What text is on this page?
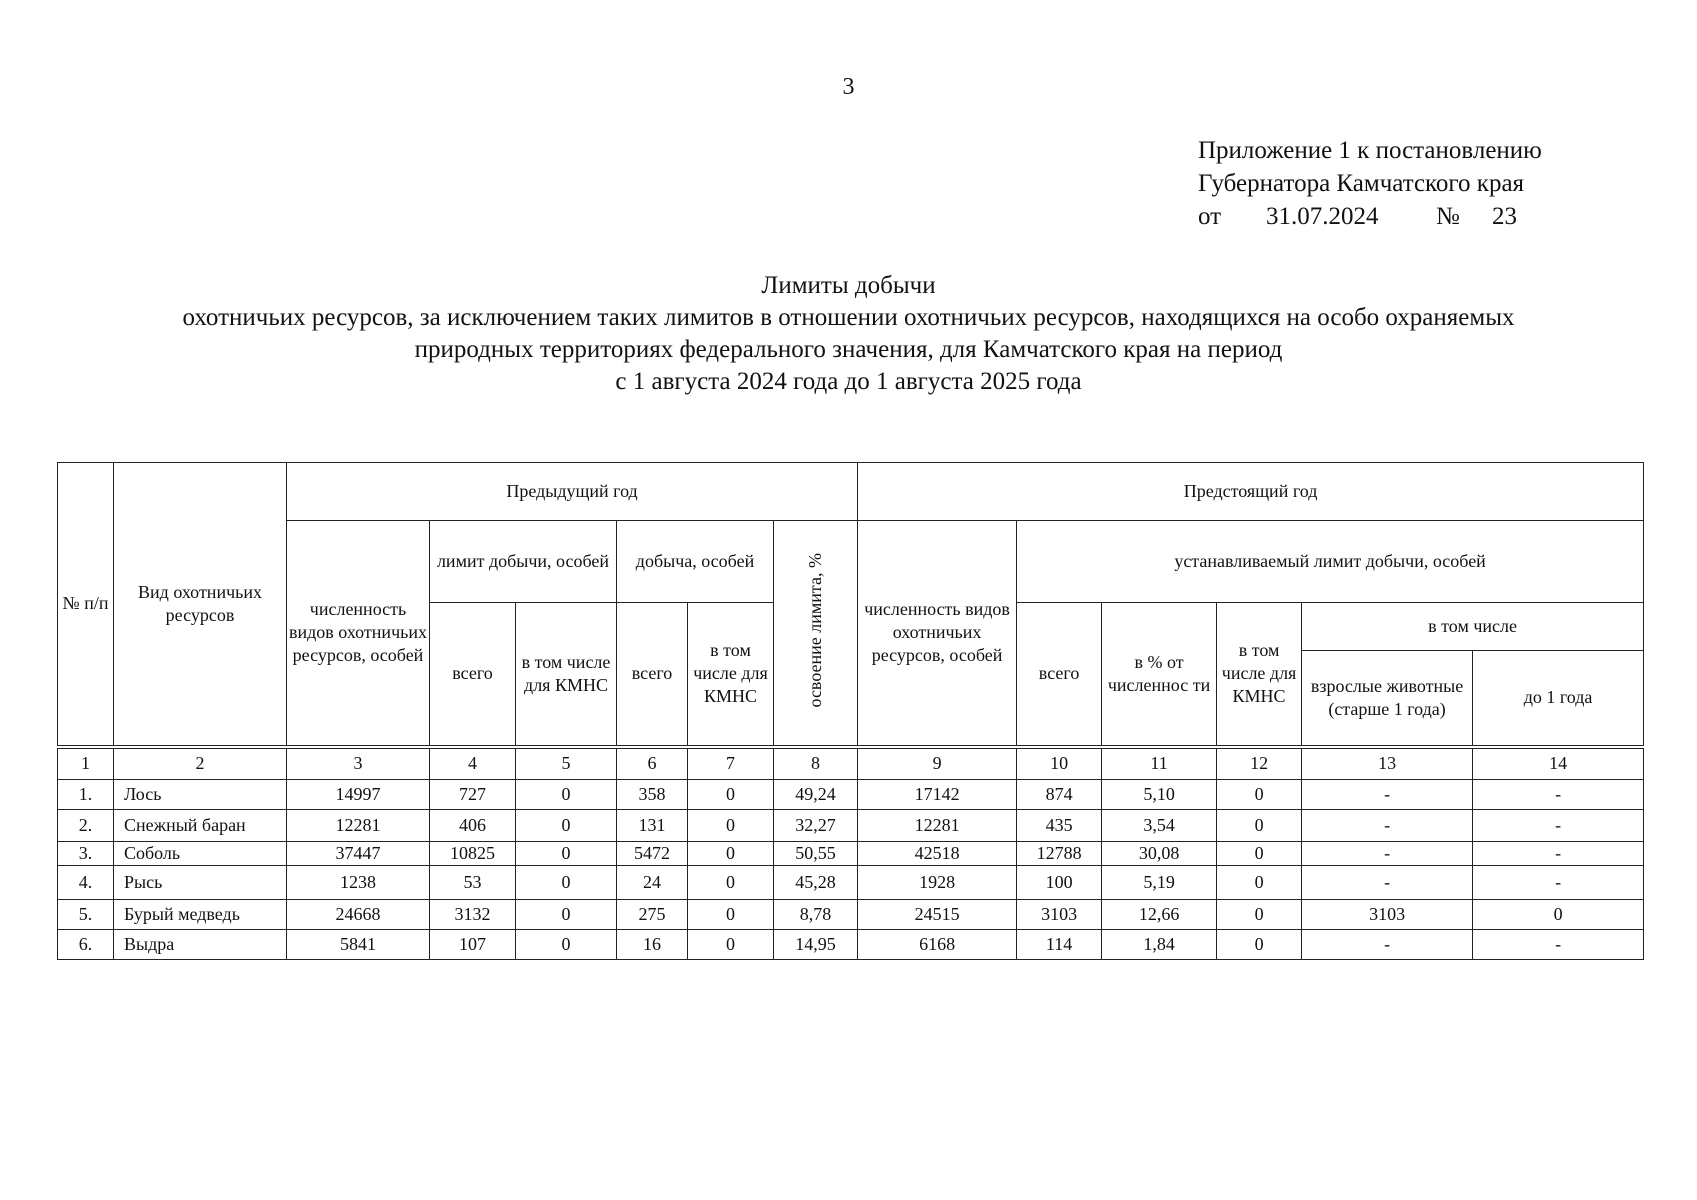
3
Приложение 1 к постановлению
Губернатора Камчатского края
от	31.07.2024	№	23
Лимиты добычи
охотничьих ресурсов, за исключением таких лимитов в отношении охотничьих ресурсов, находящихся на особо охраняемых
природных территориях федерального значения, для Камчатского края на период
с 1 августа 2024 года до 1 августа 2025 года
№ п/п	Вид охотничьих ресурсов	Предыдущий год						Предстоящий год					
		численность видов охотничьих ресурсов, особей	лимит добычи, особей		добыча, особей		освоение лимита, %	численность видов охотничьих ресурсов, особей	устанавливаемый лимит добычи, особей				
			всего	в том числе для КМНС	всего	в том числе для КМНС			всего	в % от численнос ти	в том числе для КМНС	в том числе	
												взрослые животные (старше 1 года)	до 1 года
1	2	3	4	5	6	7	8	9	10	11	12	13	14
1.	Лось	14997	727	0	358	0	49,24	17142	874	5,10	0	-	-
2.	Снежный баран	12281	406	0	131	0	32,27	12281	435	3,54	0	-	-
3.	Соболь	37447	10825	0	5472	0	50,55	42518	12788	30,08	0	-	-
4.	Рысь	1238	53	0	24	0	45,28	1928	100	5,19	0	-	-
5.	Бурый медведь	24668	3132	0	275	0	8,78	24515	3103	12,66	0	3103	0
6.	Выдра	5841	107	0	16	0	14,95	6168	114	1,84	0	-	-
